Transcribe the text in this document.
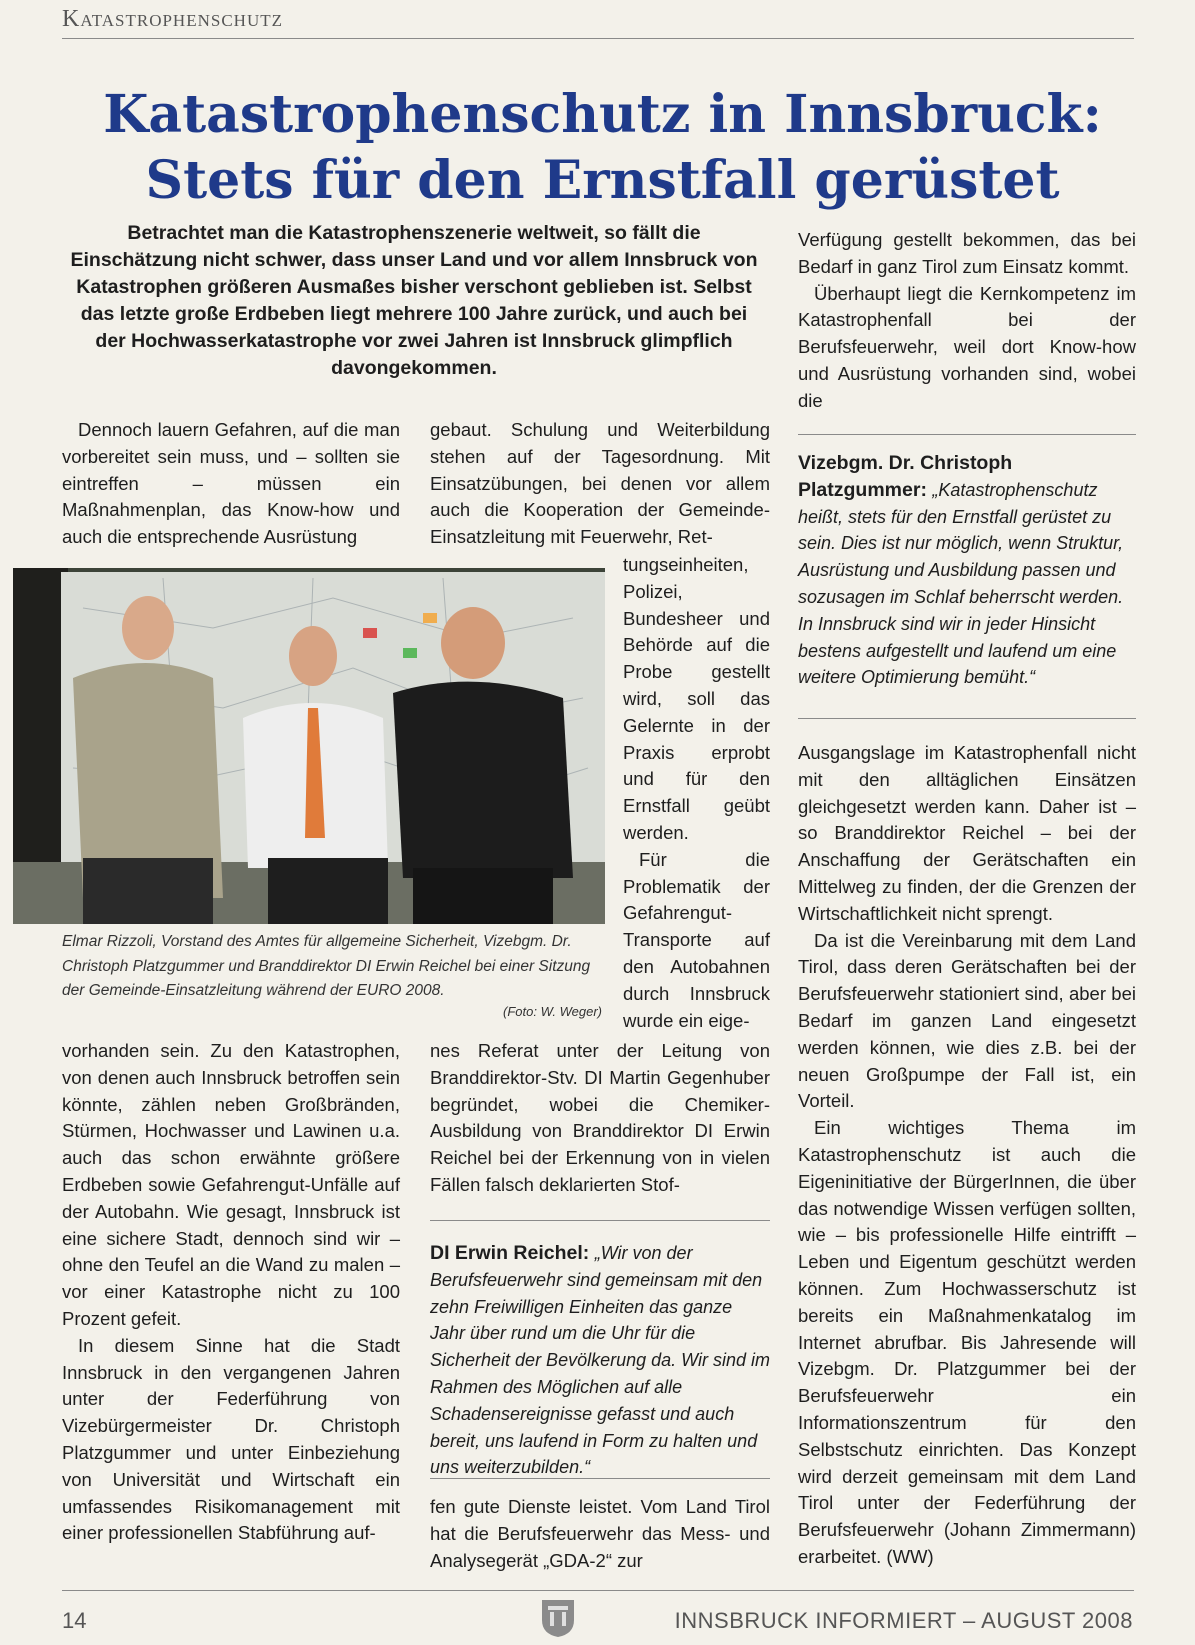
Katastrophenschutz
Katastrophenschutz in Innsbruck:
Stets für den Ernstfall gerüstet
Betrachtet man die Katastrophenszenerie weltweit, so fällt die Einschätzung nicht schwer, dass unser Land und vor allem Innsbruck von Katastrophen größeren Ausmaßes bisher verschont geblieben ist. Selbst das letzte große Erdbeben liegt mehrere 100 Jahre zurück, und auch bei der Hochwasserkatastrophe vor zwei Jahren ist Innsbruck glimpflich davongekommen.

Dennoch lauern Gefahren, auf die man vorbereitet sein muss, und – sollten sie eintreffen – müssen ein Maßnahmenplan, das Know-how und auch die entsprechende Ausrüstung

Elmar Rizzoli, Vorstand des Amtes für allgemeine Sicherheit, Vizebgm. Dr. Christoph Platzgummer und Branddirektor DI Erwin Reichel bei einer Sitzung der Gemeinde-Einsatzleitung während der EURO 2008.
(Foto: W. Weger)

vorhanden sein. Zu den Katastrophen, von denen auch Innsbruck betroffen sein könnte, zählen neben Großbränden, Stürmen, Hochwasser und Lawinen u.a. auch das schon erwähnte größere Erdbeben sowie Gefahrengut-Unfälle auf der Autobahn. Wie gesagt, Innsbruck ist eine sichere Stadt, dennoch sind wir – ohne den Teufel an die Wand zu malen – vor einer Katastrophe nicht zu 100 Prozent gefeit.

In diesem Sinne hat die Stadt Innsbruck in den vergangenen Jahren unter der Federführung von Vizebürgermeister Dr. Christoph Platzgummer und unter Einbeziehung von Universität und Wirtschaft ein umfassendes Risikomanagement mit einer professionellen Stabführung auf-

gebaut. Schulung und Weiterbildung stehen auf der Tagesordnung. Mit Einsatzübungen, bei denen vor allem auch die Kooperation der Gemeinde-Einsatzleitung mit Feuerwehr, Ret-

tungseinheiten, Polizei, Bundesheer und Behörde auf die Probe gestellt wird, soll das Gelernte in der Praxis erprobt und für den Ernstfall geübt werden.

Für die Problematik der Gefahrengut-Transporte auf den Autobahnen durch Innsbruck wurde ein eige-

nes Referat unter der Leitung von Branddirektor-Stv. DI Martin Gegenhuber begründet, wobei die Chemiker-Ausbildung von Branddirektor DI Erwin Reichel bei der Erkennung von in vielen Fällen falsch deklarierten Stof-

DI Erwin Reichel: „Wir von der Berufsfeuerwehr sind gemeinsam mit den zehn Freiwilligen Einheiten das ganze Jahr über rund um die Uhr für die Sicherheit der Bevölkerung da. Wir sind im Rahmen des Möglichen auf alle Schadensereignisse gefasst und auch bereit, uns laufend in Form zu halten und uns weiterzubilden.“

fen gute Dienste leistet. Vom Land Tirol hat die Berufsfeuerwehr das Mess- und Analysegerät „GDA-2“ zur

Verfügung gestellt bekommen, das bei Bedarf in ganz Tirol zum Einsatz kommt.

Überhaupt liegt die Kernkompetenz im Katastrophenfall bei der Berufsfeuerwehr, weil dort Know-how und Ausrüstung vorhanden sind, wobei die

Vizebgm. Dr. Christoph Platzgummer: „Katastrophenschutz heißt, stets für den Ernstfall gerüstet zu sein. Dies ist nur möglich, wenn Struktur, Ausrüstung und Ausbildung passen und sozusagen im Schlaf beherrscht werden. In Innsbruck sind wir in jeder Hinsicht bestens aufgestellt und laufend um eine weitere Optimierung bemüht.“

Ausgangslage im Katastrophenfall nicht mit den alltäglichen Einsätzen gleichgesetzt werden kann. Daher ist – so Branddirektor Reichel – bei der Anschaffung der Gerätschaften ein Mittelweg zu finden, der die Grenzen der Wirtschaftlichkeit nicht sprengt.

Da ist die Vereinbarung mit dem Land Tirol, dass deren Gerätschaften bei der Berufsfeuerwehr stationiert sind, aber bei Bedarf im ganzen Land eingesetzt werden können, wie dies z.B. bei der neuen Großpumpe der Fall ist, ein Vorteil.

Ein wichtiges Thema im Katastrophenschutz ist auch die Eigeninitiative der BürgerInnen, die über das notwendige Wissen verfügen sollten, wie – bis professionelle Hilfe eintrifft – Leben und Eigentum geschützt werden können. Zum Hochwasserschutz ist bereits ein Maßnahmenkatalog im Internet abrufbar. Bis Jahresende will Vizebgm. Dr. Platzgummer bei der Berufsfeuerwehr ein Informationszentrum für den Selbstschutz einrichten. Das Konzept wird derzeit gemeinsam mit dem Land Tirol unter der Federführung der Berufsfeuerwehr (Johann Zimmermann) erarbeitet. (WW)

14	INNSBRUCK INFORMIERT – AUGUST 2008
